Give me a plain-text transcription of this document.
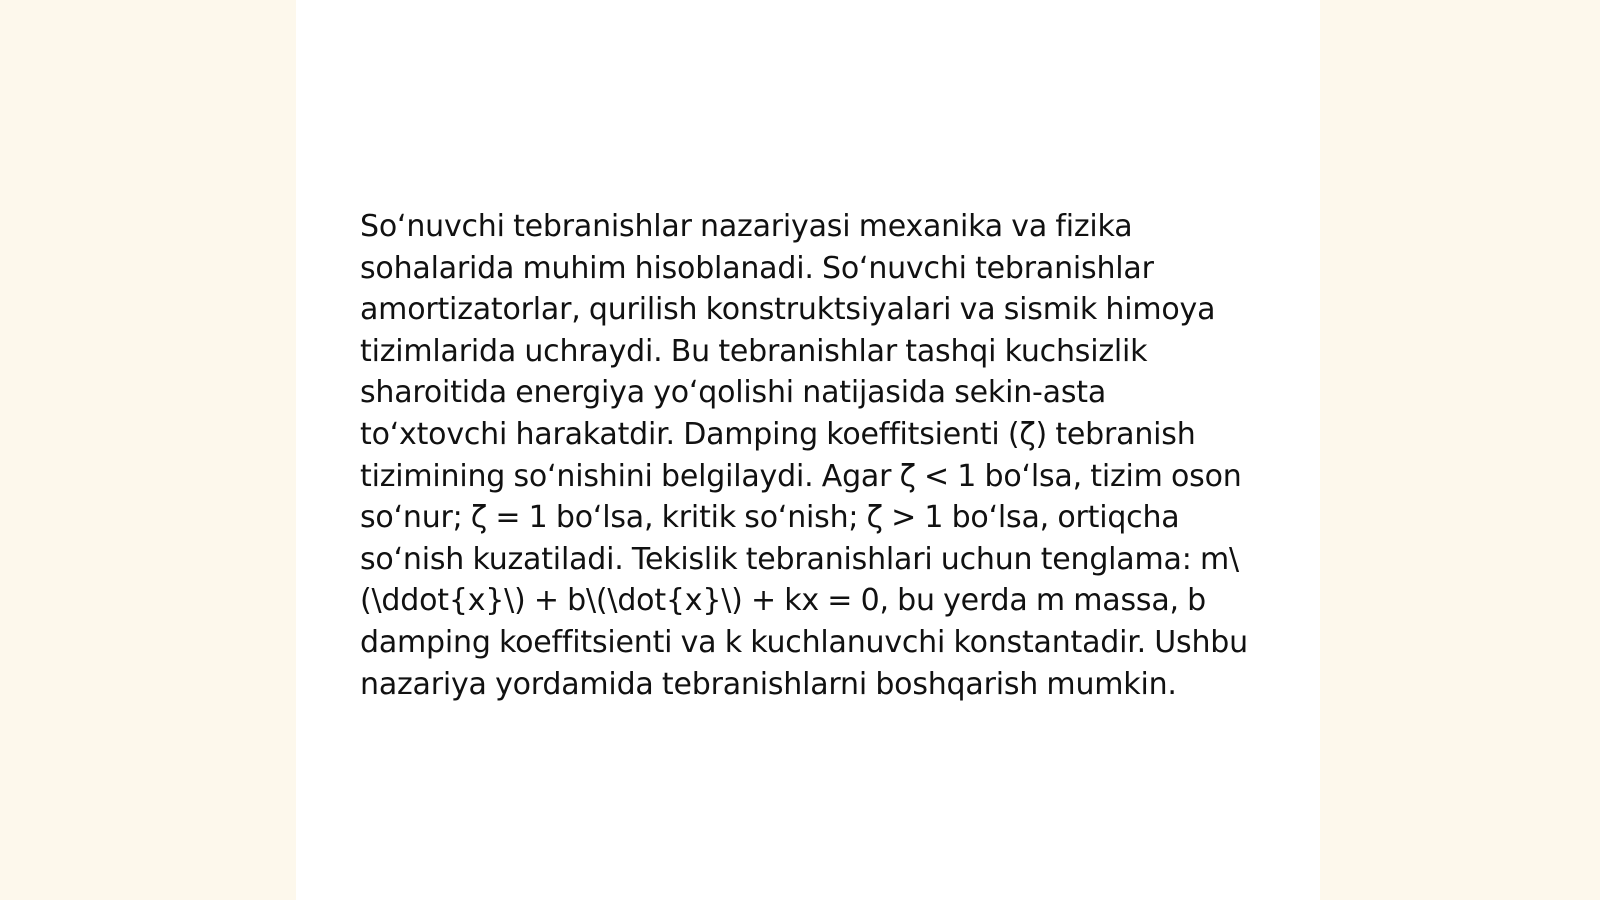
So‘nuvchi tebranishlar nazariyasi mexanika va fizika sohalarida muhim hisoblanadi. So‘nuvchi tebranishlar amortizatorlar, qurilish konstruktsiyalari va sismik himoya tizimlarida uchraydi. Bu tebranishlar tashqi kuchsizlik sharoitida energiya yo‘qolishi natijasida sekin-asta to‘xtovchi harakatdir. Damping koeffitsienti (ζ) tebranish tizimining so‘nishini belgilaydi. Agar ζ < 1 bo‘lsa, tizim oson so‘nur; ζ = 1 bo‘lsa, kritik so‘nish; ζ > 1 bo‘lsa, ortiqcha so‘nish kuzatiladi. Tekislik tebranishlari uchun tenglama: m\(\ddot{x}\) + b\(\dot{x}\) + kx = 0, bu yerda m massa, b damping koeffitsienti va k kuchlanuvchi konstantadir. Ushbu nazariya yordamida tebranishlarni boshqarish mumkin.
